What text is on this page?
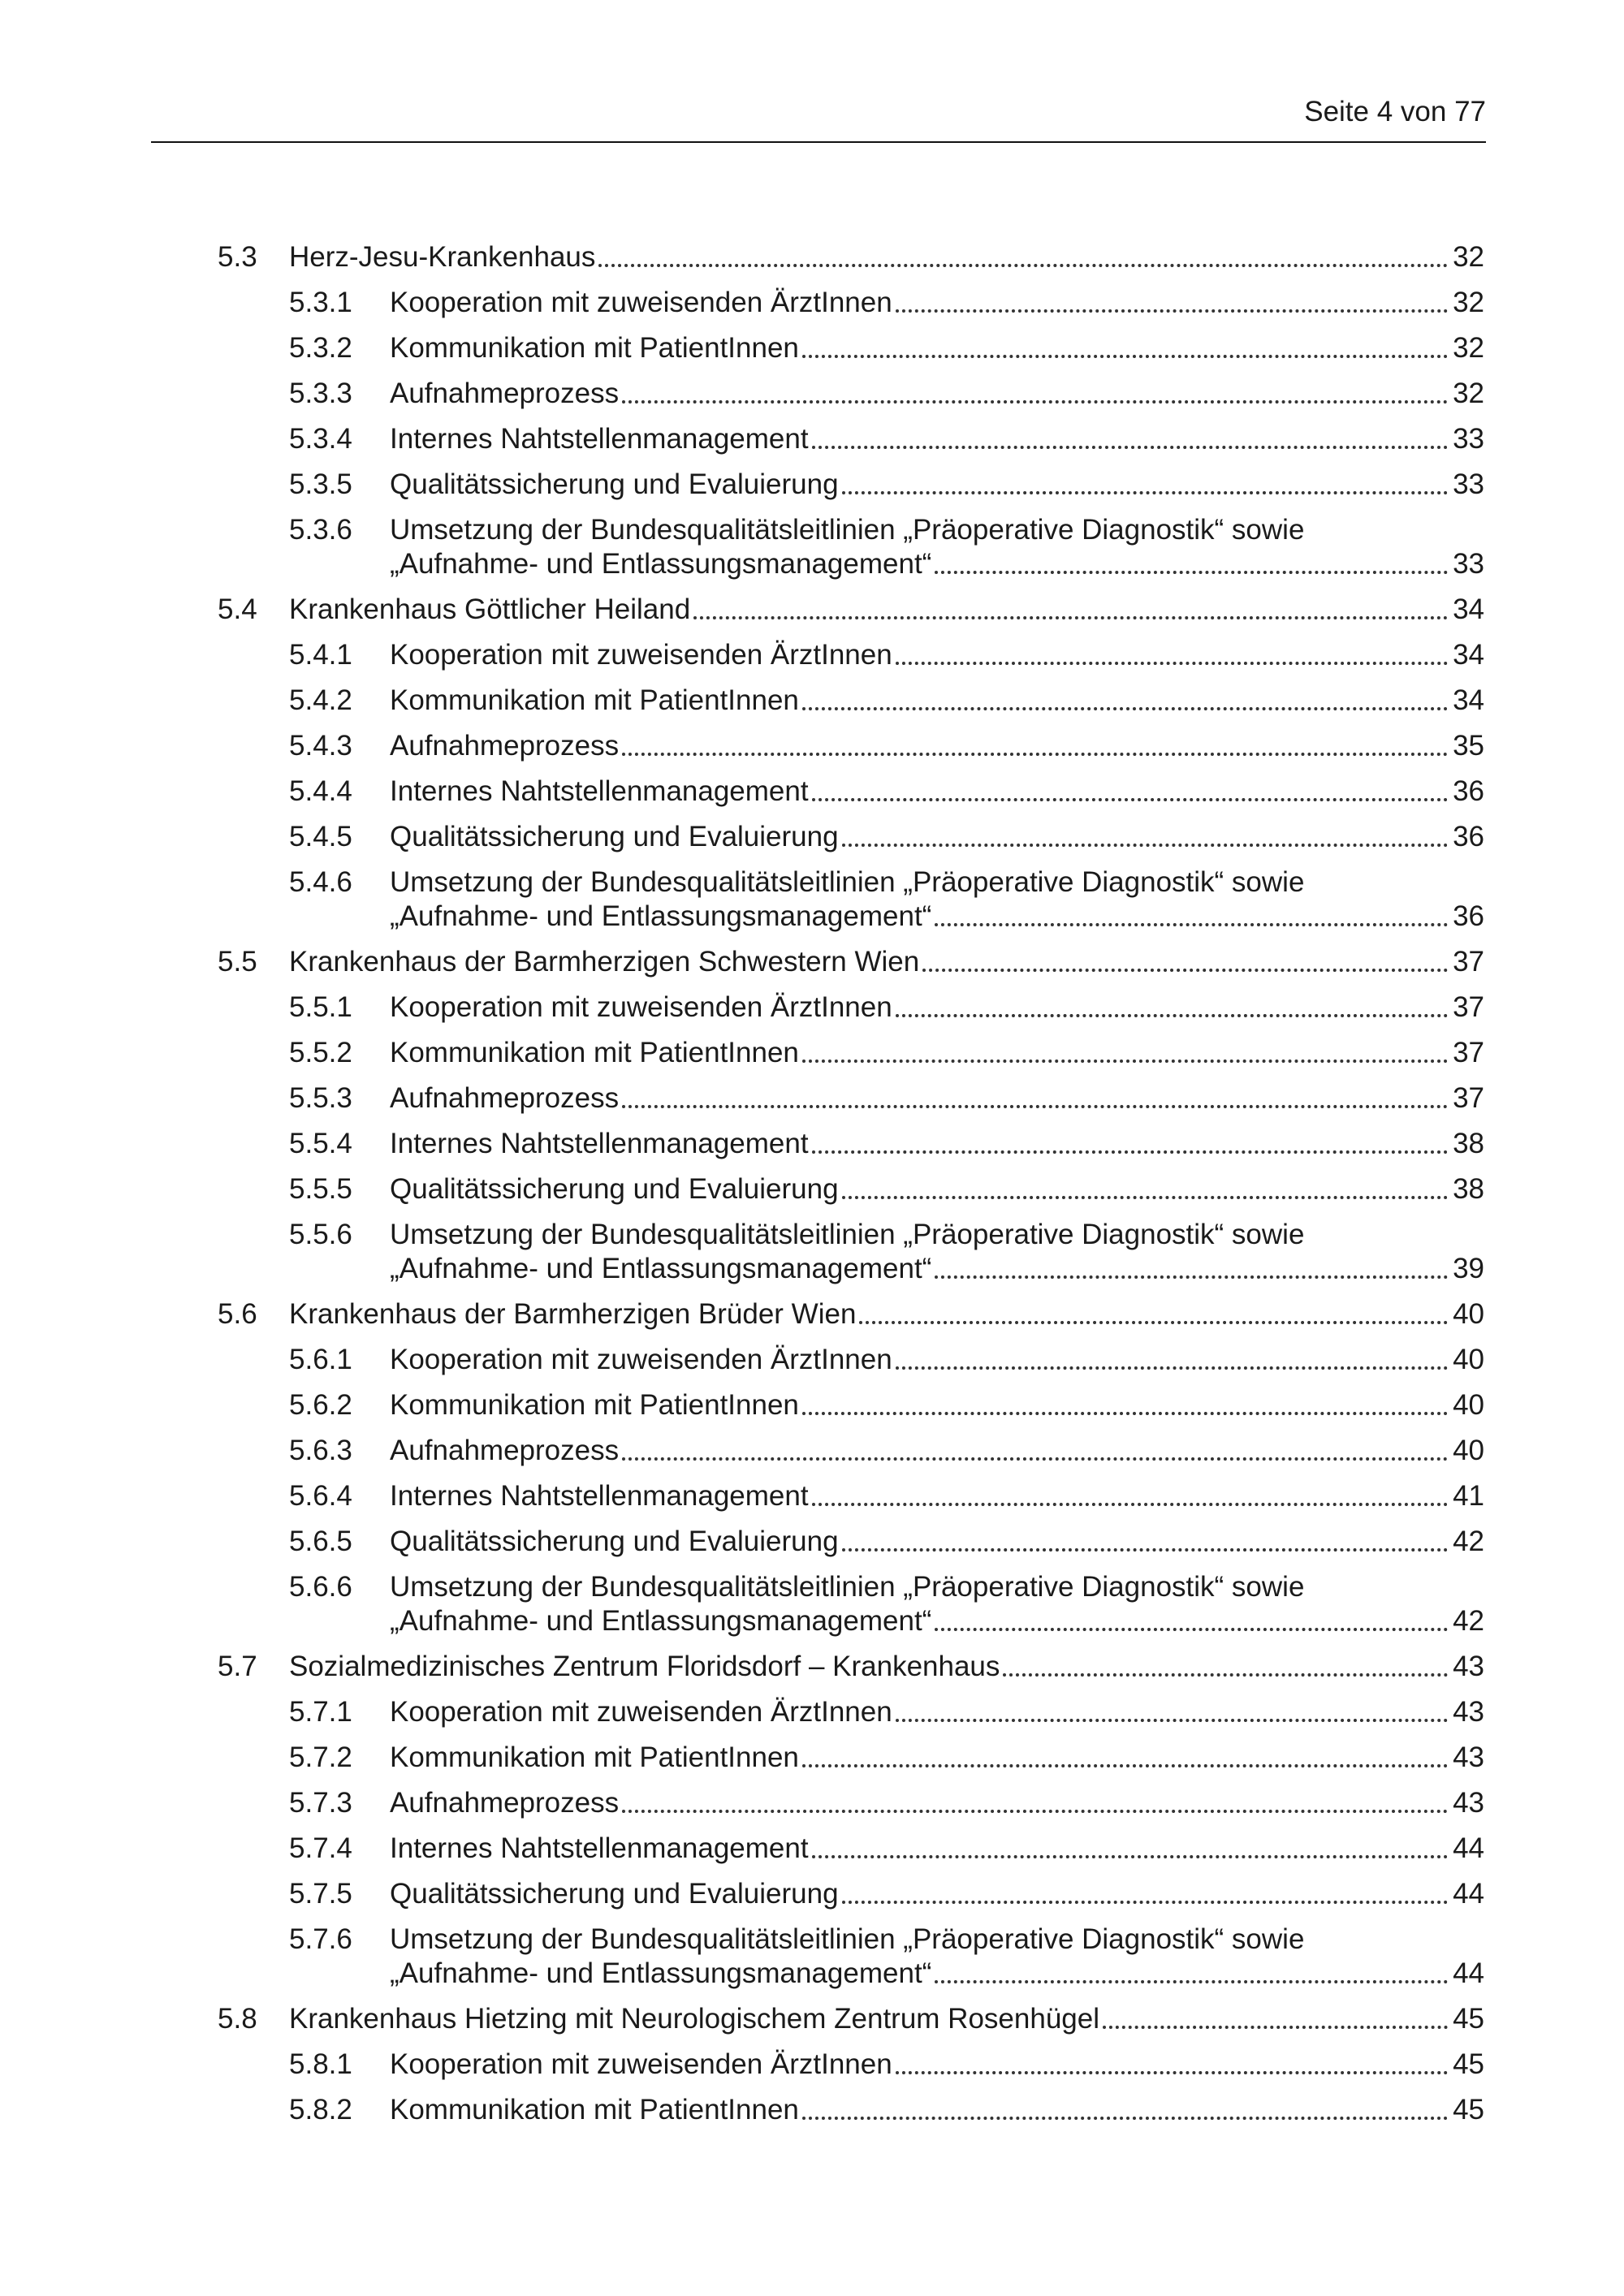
Seite 4 von 77
5.3 Herz-Jesu-Krankenhaus	32
5.3.1 Kooperation mit zuweisenden ÄrztInnen	32
5.3.2 Kommunikation mit PatientInnen	32
5.3.3 Aufnahmeprozess	32
5.3.4 Internes Nahtstellenmanagement	33
5.3.5 Qualitätssicherung und Evaluierung	33
5.3.6 Umsetzung der Bundesqualitätsleitlinien „Präoperative Diagnostik“ sowie
„Aufnahme- und Entlassungsmanagement“	33
5.4 Krankenhaus Göttlicher Heiland	34
5.4.1 Kooperation mit zuweisenden ÄrztInnen	34
5.4.2 Kommunikation mit PatientInnen	34
5.4.3 Aufnahmeprozess	35
5.4.4 Internes Nahtstellenmanagement	36
5.4.5 Qualitätssicherung und Evaluierung	36
5.4.6 Umsetzung der Bundesqualitätsleitlinien „Präoperative Diagnostik“ sowie
„Aufnahme- und Entlassungsmanagement“	36
5.5 Krankenhaus der Barmherzigen Schwestern Wien	37
5.5.1 Kooperation mit zuweisenden ÄrztInnen	37
5.5.2 Kommunikation mit PatientInnen	37
5.5.3 Aufnahmeprozess	37
5.5.4 Internes Nahtstellenmanagement	38
5.5.5 Qualitätssicherung und Evaluierung	38
5.5.6 Umsetzung der Bundesqualitätsleitlinien „Präoperative Diagnostik“ sowie
„Aufnahme- und Entlassungsmanagement“	39
5.6 Krankenhaus der Barmherzigen Brüder Wien	40
5.6.1 Kooperation mit zuweisenden ÄrztInnen	40
5.6.2 Kommunikation mit PatientInnen	40
5.6.3 Aufnahmeprozess	40
5.6.4 Internes Nahtstellenmanagement	41
5.6.5 Qualitätssicherung und Evaluierung	42
5.6.6 Umsetzung der Bundesqualitätsleitlinien „Präoperative Diagnostik“ sowie
„Aufnahme- und Entlassungsmanagement“	42
5.7 Sozialmedizinisches Zentrum Floridsdorf – Krankenhaus	43
5.7.1 Kooperation mit zuweisenden ÄrztInnen	43
5.7.2 Kommunikation mit PatientInnen	43
5.7.3 Aufnahmeprozess	43
5.7.4 Internes Nahtstellenmanagement	44
5.7.5 Qualitätssicherung und Evaluierung	44
5.7.6 Umsetzung der Bundesqualitätsleitlinien „Präoperative Diagnostik“ sowie
„Aufnahme- und Entlassungsmanagement“	44
5.8 Krankenhaus Hietzing mit Neurologischem Zentrum Rosenhügel	45
5.8.1 Kooperation mit zuweisenden ÄrztInnen	45
5.8.2 Kommunikation mit PatientInnen	45
